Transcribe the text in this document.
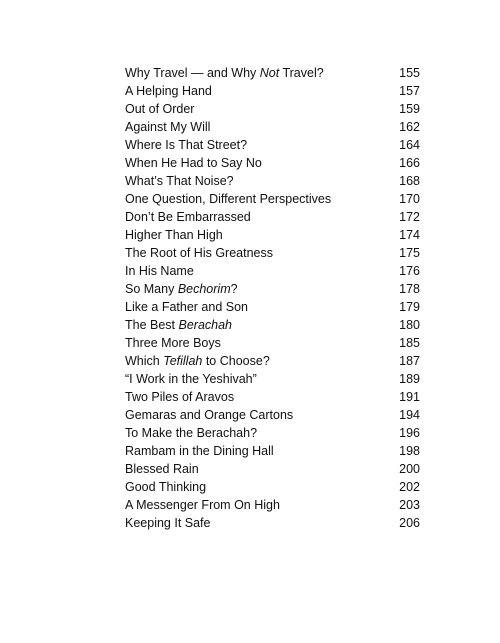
Why Travel — and Why Not Travel?	155
A Helping Hand	157
Out of Order	159
Against My Will	162
Where Is That Street?	164
When He Had to Say No	166
What’s That Noise?	168
One Question, Different Perspectives	170
Don’t Be Embarrassed	172
Higher Than High	174
The Root of His Greatness	175
In His Name	176
So Many Bechorim?	178
Like a Father and Son	179
The Best Berachah	180
Three More Boys	185
Which Tefillah to Choose?	187
“I Work in the Yeshivah”	189
Two Piles of Aravos	191
Gemaras and Orange Cartons	194
To Make the Berachah?	196
Rambam in the Dining Hall	198
Blessed Rain	200
Good Thinking	202
A Messenger From On High	203
Keeping It Safe	206
